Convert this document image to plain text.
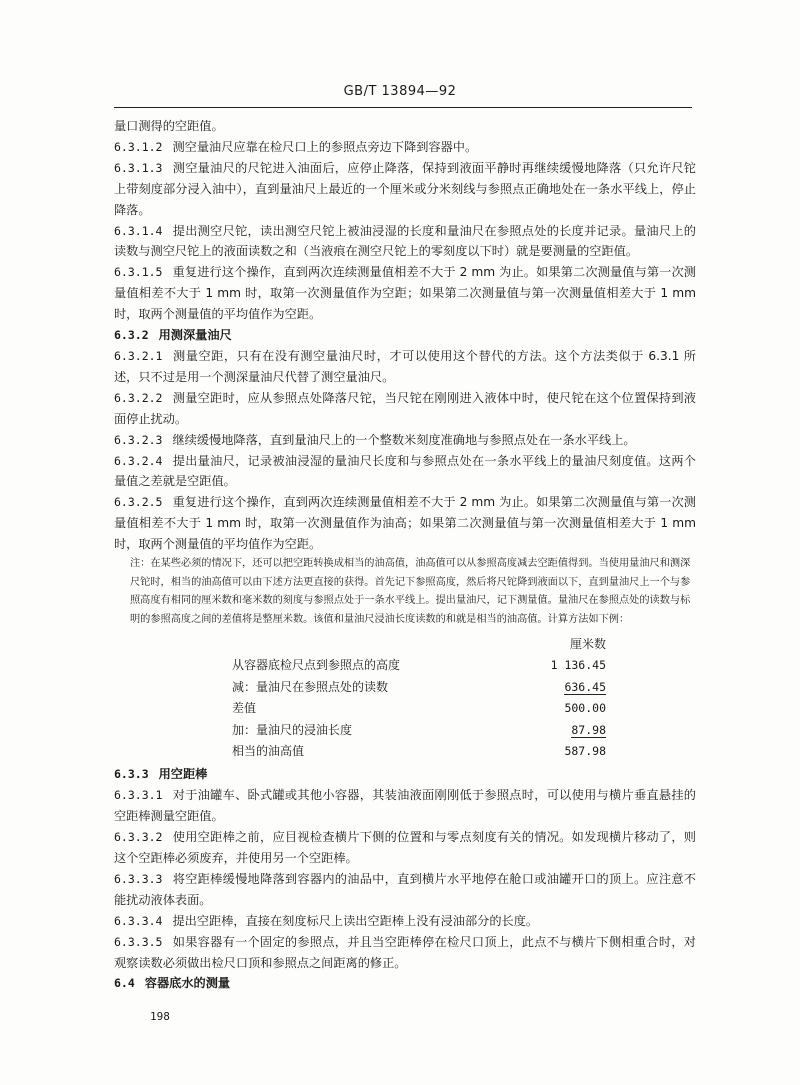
GB/T 13894—92

量口测得的空距值。

6.3.1.2 测空量油尺应靠在检尺口上的参照点旁边下降到容器中。

6.3.1.3 测空量油尺的尺铊进入油面后，应停止降落，保持到液面平静时再继续缓慢地降落（只允许尺铊上带刻度部分浸入油中），直到量油尺上最近的一个厘米或分米刻线与参照点正确地处在一条水平线上，停止降落。

6.3.1.4 提出测空尺铊，读出测空尺铊上被油浸湿的长度和量油尺在参照点处的长度并记录。量油尺上的读数与测空尺铊上的液面读数之和（当液痕在测空尺铊上的零刻度以下时）就是要测量的空距值。

6.3.1.5 重复进行这个操作，直到两次连续测量值相差不大于 2 mm 为止。如果第二次测量值与第一次测量值相差不大于 1 mm 时，取第一次测量值作为空距；如果第二次测量值与第一次测量值相差大于 1 mm 时，取两个测量值的平均值作为空距。

6.3.2 用测深量油尺

6.3.2.1 测量空距，只有在没有测空量油尺时，才可以使用这个替代的方法。这个方法类似于 6.3.1 所述，只不过是用一个测深量油尺代替了测空量油尺。

6.3.2.2 测量空距时，应从参照点处降落尺铊，当尺铊在刚刚进入液体中时，使尺铊在这个位置保持到液面停止扰动。

6.3.2.3 继续缓慢地降落，直到量油尺上的一个整数米刻度准确地与参照点处在一条水平线上。

6.3.2.4 提出量油尺，记录被油浸湿的量油尺长度和与参照点处在一条水平线上的量油尺刻度值。这两个量值之差就是空距值。

6.3.2.5 重复进行这个操作，直到两次连续测量值相差不大于 2 mm 为止。如果第二次测量值与第一次测量值相差不大于 1 mm 时，取第一次测量值作为油高；如果第二次测量值与第一次测量值相差大于 1 mm 时，取两个测量值的平均值作为空距。

注：在某些必须的情况下，还可以把空距转换成相当的油高值，油高值可以从参照高度减去空距值得到。当使用量油尺和测深尺铊时，相当的油高值可以由下述方法更直接的获得。首先记下参照高度，然后将尺铊降到液面以下，直到量油尺上一个与参照高度有相同的厘米数和毫米数的刻度与参照点处于一条水平线上。提出量油尺，记下测量值。量油尺在参照点处的读数与标明的参照高度之间的差值将是整厘米数。该值和量油尺浸油长度读数的和就是相当的油高值。计算方法如下例：

	厘米数
从容器底检尺点到参照点的高度	1 136.45
减：量油尺在参照点处的读数	636.45
差值	500.00
加：量油尺的浸油长度	87.98
相当的油高值	587.98

6.3.3 用空距棒

6.3.3.1 对于油罐车、卧式罐或其他小容器，其装油液面刚刚低于参照点时，可以使用与横片垂直悬挂的空距棒测量空距值。

6.3.3.2 使用空距棒之前，应目视检查横片下侧的位置和与零点刻度有关的情况。如发现横片移动了，则这个空距棒必须废弃，并使用另一个空距棒。

6.3.3.3 将空距棒缓慢地降落到容器内的油品中，直到横片水平地停在舱口或油罐开口的顶上。应注意不能扰动液体表面。

6.3.3.4 提出空距棒，直接在刻度标尺上读出空距棒上没有浸油部分的长度。

6.3.3.5 如果容器有一个固定的参照点，并且当空距棒停在检尺口顶上，此点不与横片下侧相重合时，对观察读数必须做出检尺口顶和参照点之间距离的修正。

6.4 容器底水的测量

198
